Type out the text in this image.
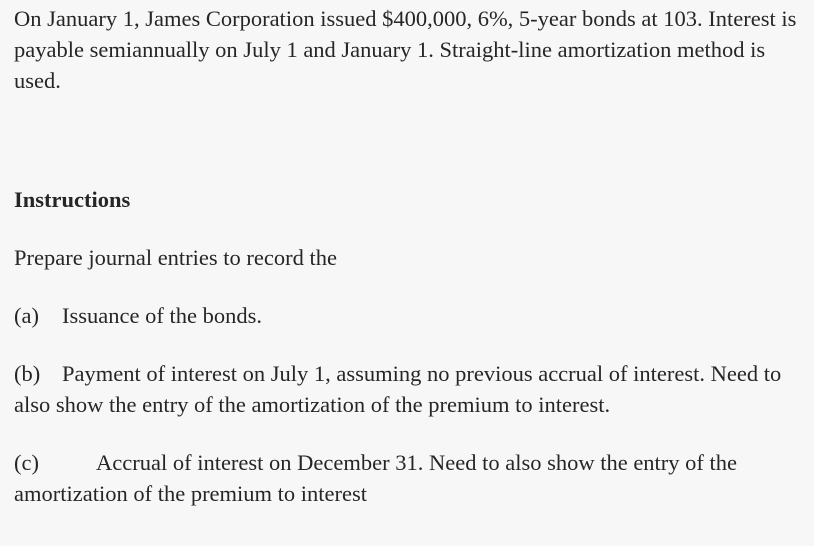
On January 1, James Corporation issued $400,000, 6%, 5-year bonds at 103. Interest is payable semiannually on July 1 and January 1. Straight-line amortization method is used.

Instructions

Prepare journal entries to record the

(a) Issuance of the bonds.

(b) Payment of interest on July 1, assuming no previous accrual of interest. Need to also show the entry of the amortization of the premium to interest.

(c)	Accrual of interest on December 31. Need to also show the entry of the amortization of the premium to interest
